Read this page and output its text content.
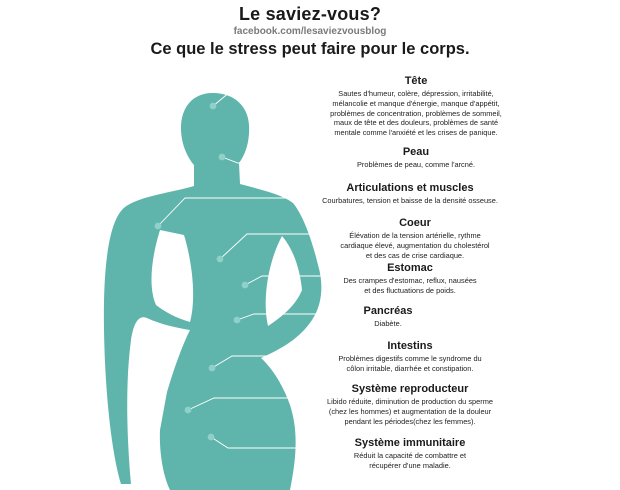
Le saviez-vous?
facebook.com/lesaviezvousblog
Ce que le stress peut faire pour le corps.
Tête

Sautes d'humeur, colère, dépression, irritabilité,
mélancolie et manque d'énergie, manque d'appétit,
problèmes de concentration, problèmes de sommeil,
maux de tête et des douleurs, problèmes de santé
mentale comme l'anxiété et les crises de panique.

Peau

Problèmes de peau, comme l'arcné.

Articulations et muscles

Courbatures, tension et baisse de la densité osseuse.

Coeur

Élévation de la tension artérielle, rythme
cardiaque élevé, augmentation du cholestérol
et des cas de crise cardiaque.

Estomac

Des crampes d'estomac, reflux, nausées
et des fluctuations de poids.

Pancréas

Diabète.

Intestins

Problèmes digestifs comme le syndrome du
côlon irritable, diarrhée et constipation.

Système reproducteur

Libido réduite, diminution de production du sperme
(chez les hommes) et augmentation de la douleur
pendant les périodes(chez les femmes).

Système immunitaire

Réduit la capacité de combattre et
récupérer d'une maladie.
